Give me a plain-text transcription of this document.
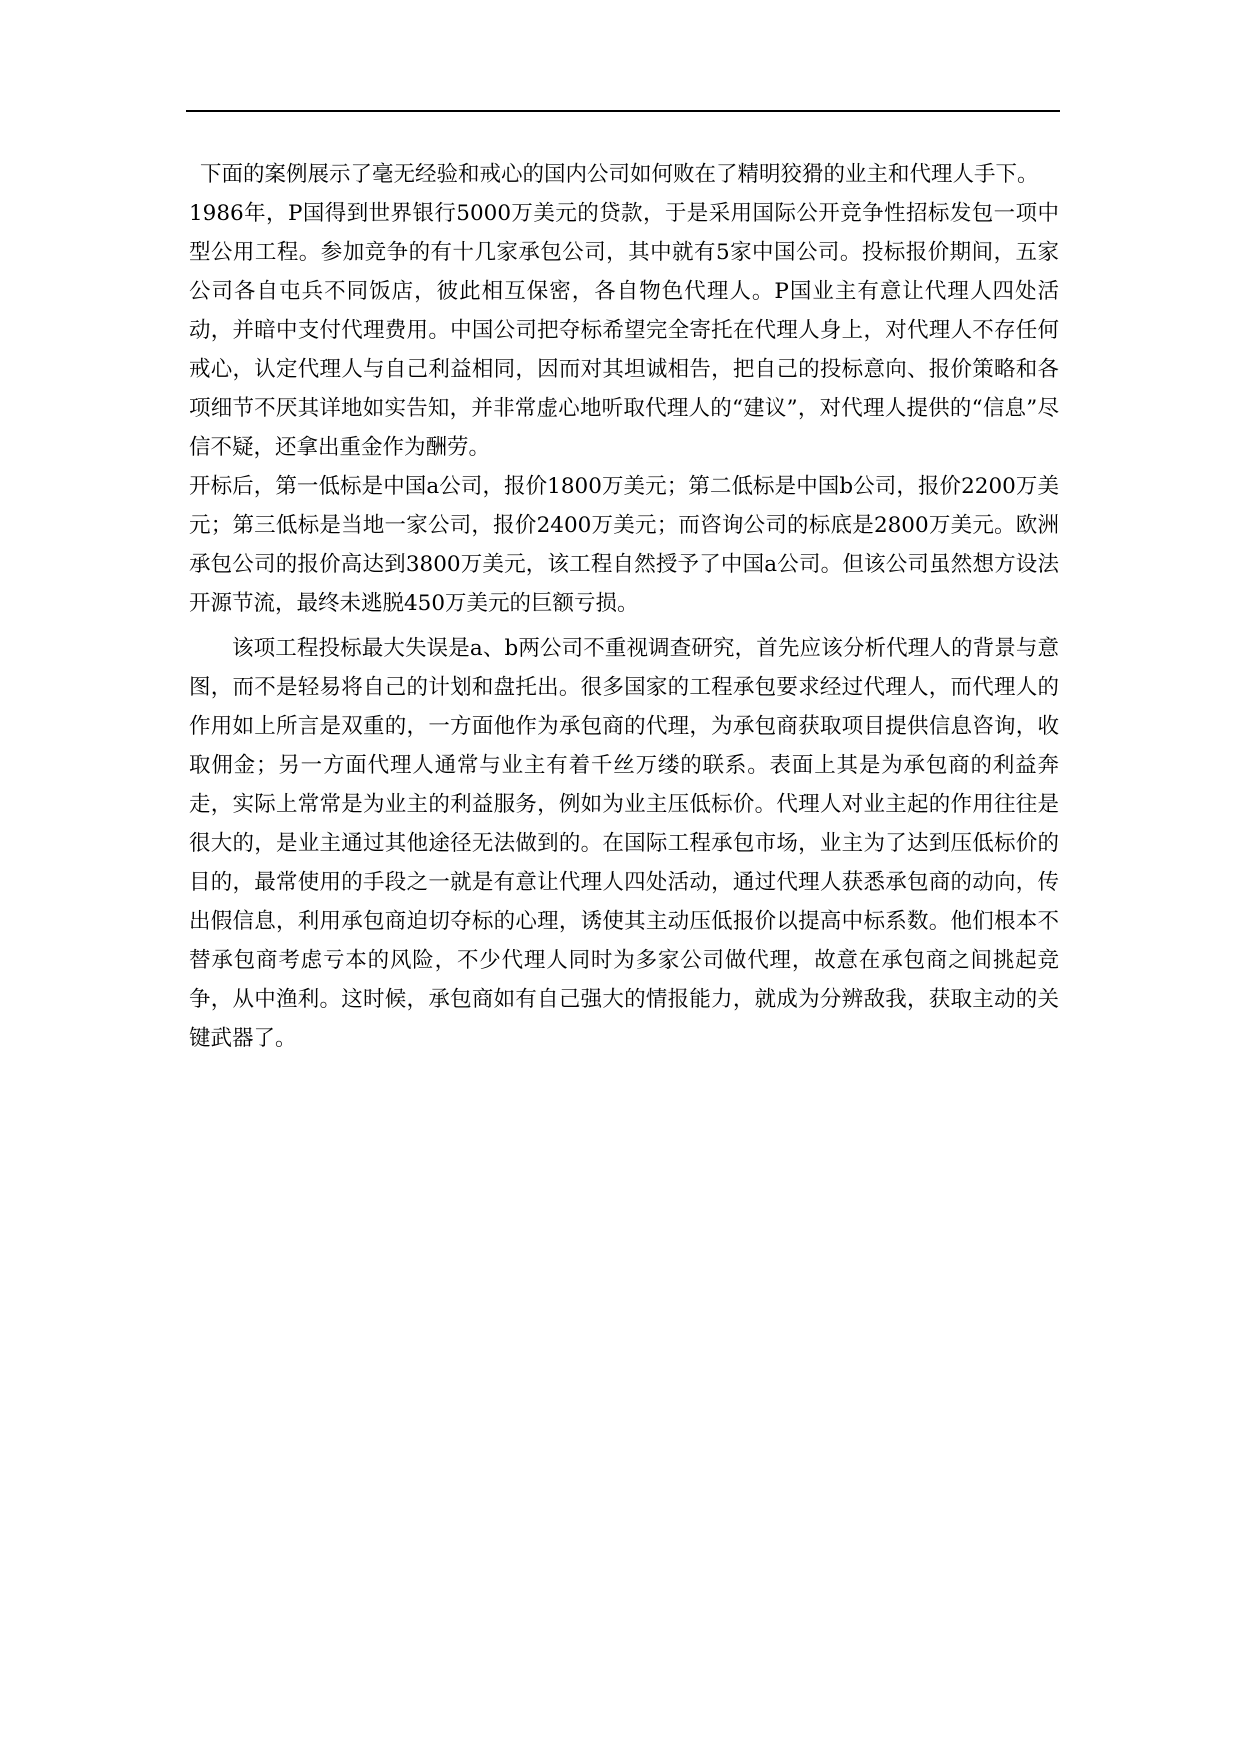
下面的案例展示了毫无经验和戒心的国内公司如何败在了精明狡猾的业主和代理人手下。

1986年，P国得到世界银行5000万美元的贷款，于是采用国际公开竞争性招标发包一项中型公用工程。参加竞争的有十几家承包公司，其中就有5家中国公司。投标报价期间，五家公司各自屯兵不同饭店，彼此相互保密，各自物色代理人。P国业主有意让代理人四处活动，并暗中支付代理费用。中国公司把夺标希望完全寄托在代理人身上，对代理人不存任何戒心，认定代理人与自己利益相同，因而对其坦诚相告，把自己的投标意向、报价策略和各项细节不厌其详地如实告知，并非常虚心地听取代理人的“建议”，对代理人提供的“信息”尽信不疑，还拿出重金作为酬劳。

开标后，第一低标是中国a公司，报价1800万美元；第二低标是中国b公司，报价2200万美元；第三低标是当地一家公司，报价2400万美元；而咨询公司的标底是2800万美元。欧洲承包公司的报价高达到3800万美元，该工程自然授予了中国a公司。但该公司虽然想方设法开源节流，最终未逃脱450万美元的巨额亏损。

该项工程投标最大失误是a、b两公司不重视调查研究，首先应该分析代理人的背景与意图，而不是轻易将自己的计划和盘托出。很多国家的工程承包要求经过代理人，而代理人的作用如上所言是双重的，一方面他作为承包商的代理，为承包商获取项目提供信息咨询，收取佣金；另一方面代理人通常与业主有着千丝万缕的联系。表面上其是为承包商的利益奔走，实际上常常是为业主的利益服务，例如为业主压低标价。代理人对业主起的作用往往是很大的，是业主通过其他途径无法做到的。在国际工程承包市场，业主为了达到压低标价的目的，最常使用的手段之一就是有意让代理人四处活动，通过代理人获悉承包商的动向，传出假信息，利用承包商迫切夺标的心理，诱使其主动压低报价以提高中标系数。他们根本不替承包商考虑亏本的风险，不少代理人同时为多家公司做代理，故意在承包商之间挑起竞争，从中渔利。这时候，承包商如有自己强大的情报能力，就成为分辨敌我，获取主动的关键武器了。
